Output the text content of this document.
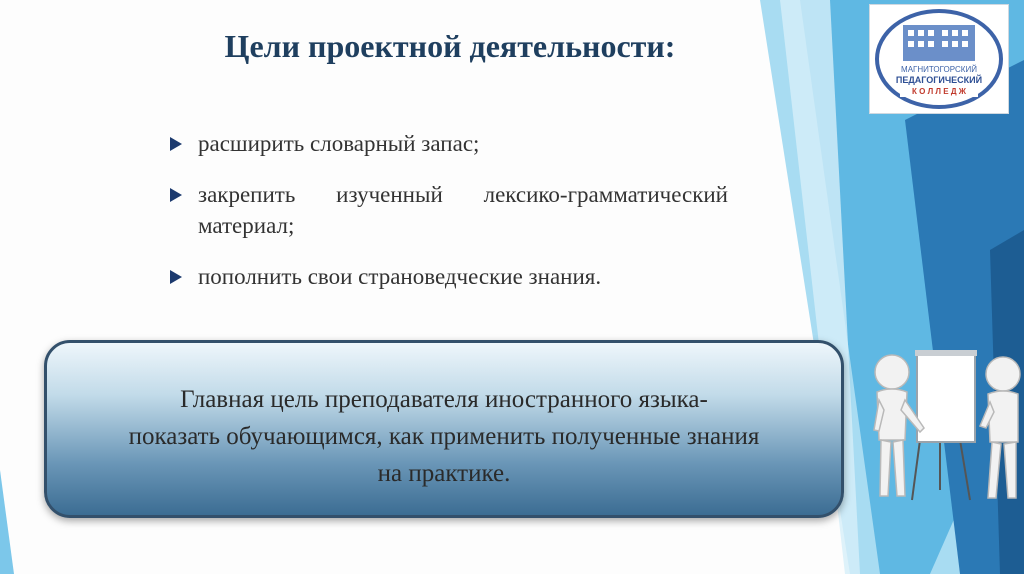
Цели проектной деятельности:
расширить словарный запас;
закрепить изученный лексико-грамматический материал;
пополнить свои страноведческие знания.

Главная цель преподавателя иностранного языка-
показать обучающимся, как применить полученные знания
на практике.

МАГНИТОГОРСКИЙ
ПЕДАГОГИЧЕСКИЙ
К О Л Л Е Д Ж
